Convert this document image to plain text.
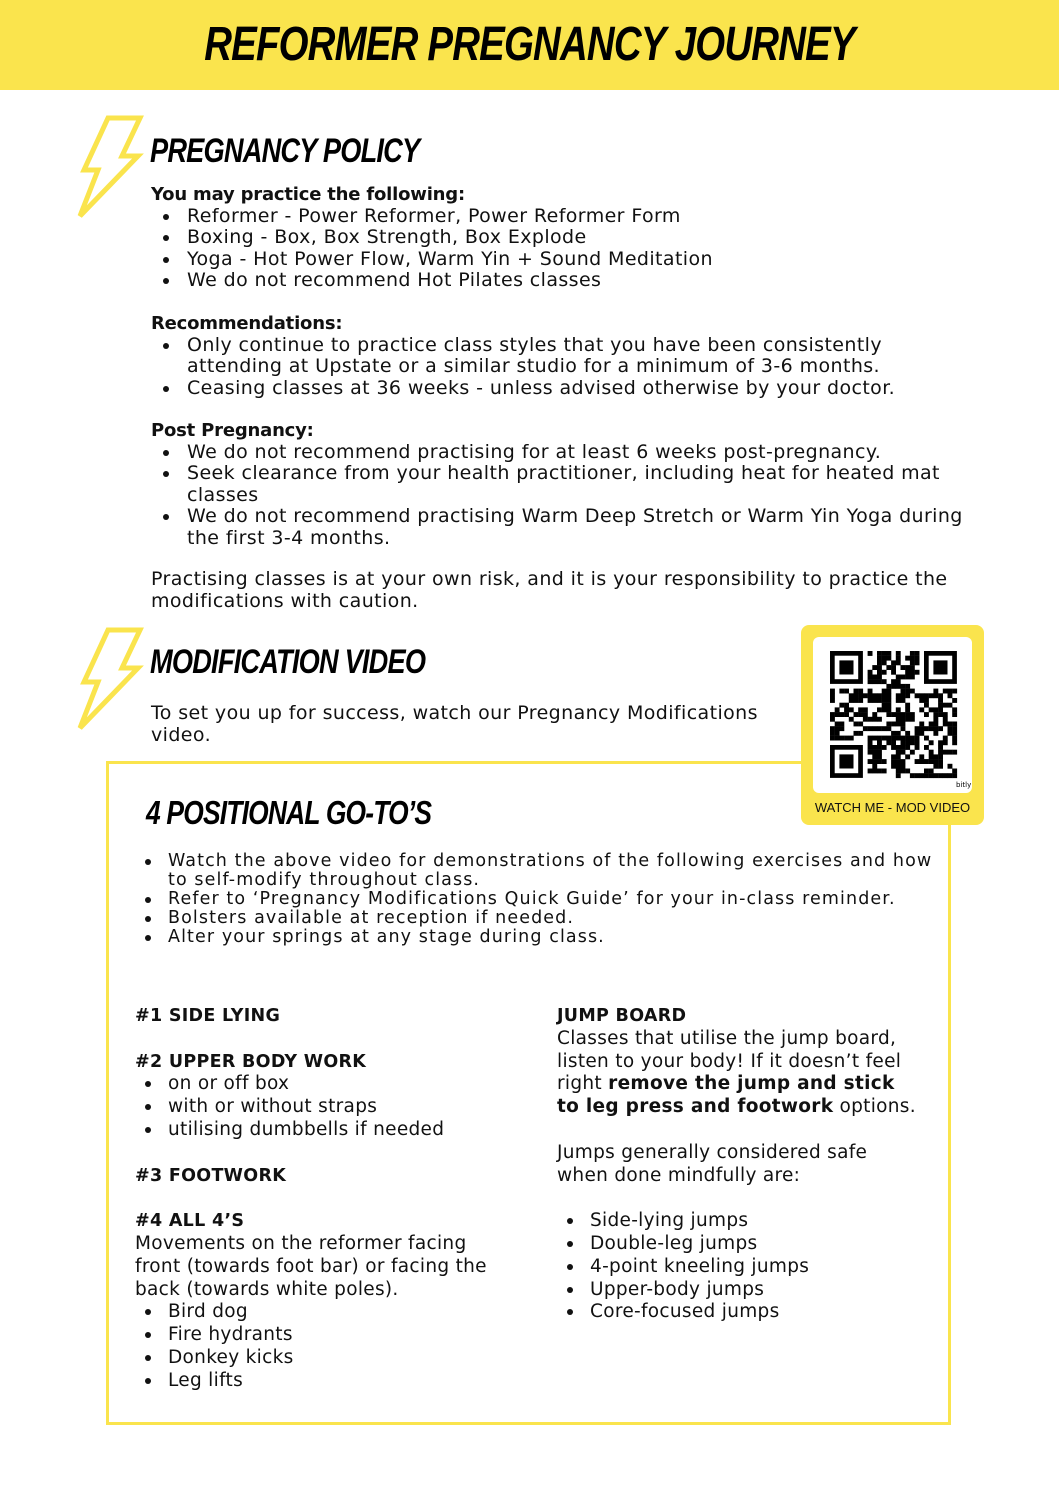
REFORMER PREGNANCY JOURNEY
PREGNANCY POLICY
You may practice the following:
Reformer - Power Reformer, Power Reformer Form
Boxing - Box, Box Strength, Box Explode
Yoga - Hot Power Flow, Warm Yin + Sound Meditation
We do not recommend Hot Pilates classes
Recommendations:
Only continue to practice class styles that you have been consistently attending at Upstate or a similar studio for a minimum of 3-6 months.
Ceasing classes at 36 weeks - unless advised otherwise by your doctor.
Post Pregnancy:
We do not recommend practising for at least 6 weeks post-pregnancy.
Seek clearance from your health practitioner, including heat for heated mat classes
We do not recommend practising Warm Deep Stretch or Warm Yin Yoga during the first 3-4 months.
Practising classes is at your own risk, and it is your responsibility to practice the modifications with caution.
MODIFICATION VIDEO
To set you up for success, watch our Pregnancy Modifications video.
bitly
WATCH ME - MOD VIDEO
4 POSITIONAL GO-TO’S
Watch the above video for demonstrations of the following exercises and how to self-modify throughout class.
Refer to ‘Pregnancy Modifications Quick Guide’ for your in-class reminder.
Bolsters available at reception if needed.
Alter your springs at any stage during class.
#1 SIDE LYING
#2 UPPER BODY WORK
on or off box
with or without straps
utilising dumbbells if needed
#3 FOOTWORK
#4 ALL 4’S
Movements on the reformer facing front (towards foot bar) or facing the back (towards white poles).
Bird dog
Fire hydrants
Donkey kicks
Leg lifts
JUMP BOARD
Classes that utilise the jump board, listen to your body! If it doesn’t feel right remove the jump and stick to leg press and footwork options.
Jumps generally considered safe when done mindfully are:
Side-lying jumps
Double-leg jumps
4-point kneeling jumps
Upper-body jumps
Core-focused jumps
